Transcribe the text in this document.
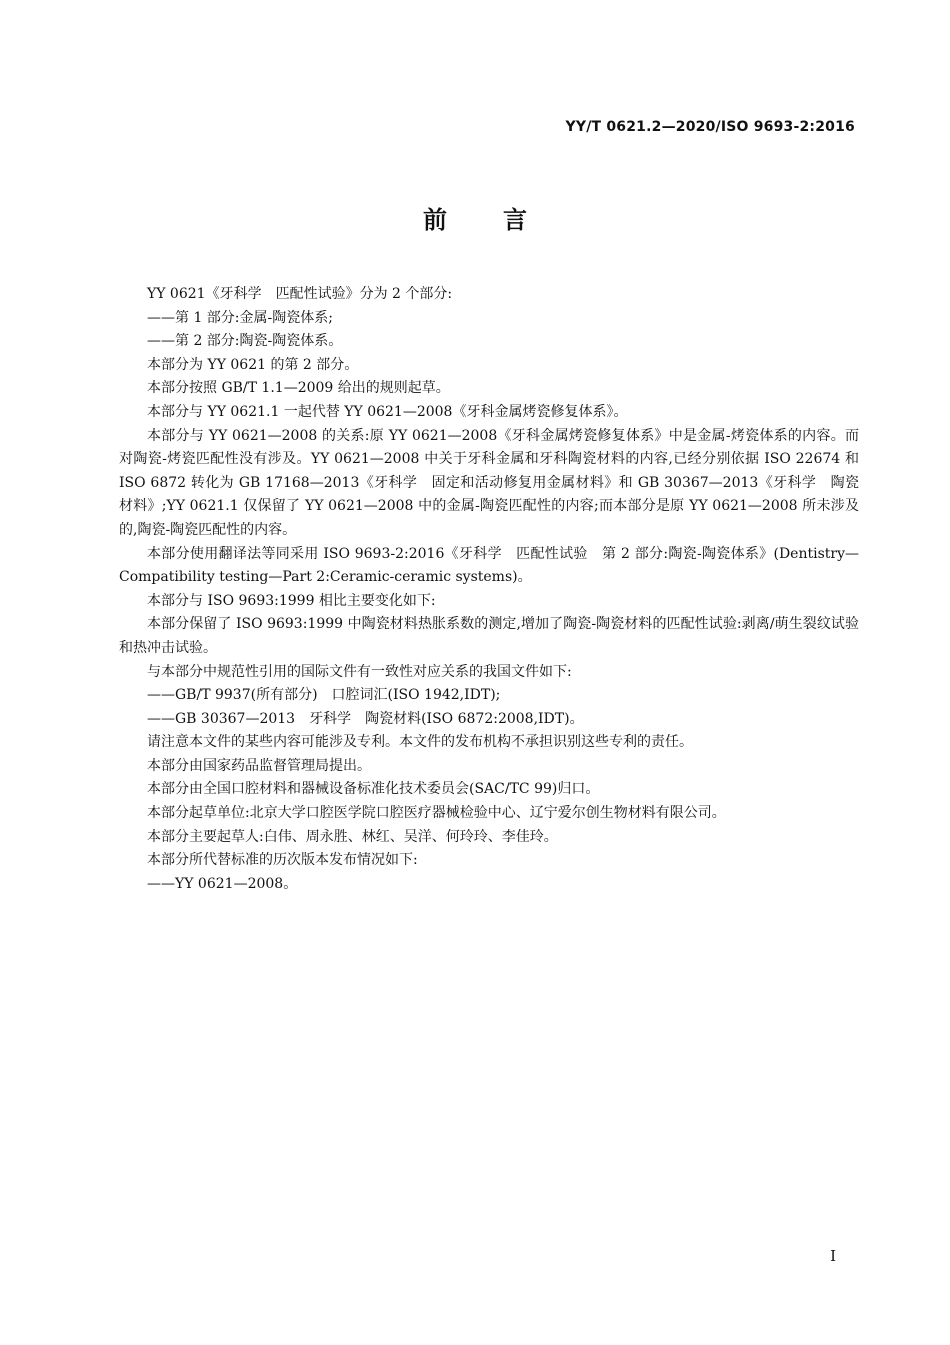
YY/T 0621.2—2020/ISO 9693-2:2016
前 言

YY 0621《牙科学　匹配性试验》分为 2 个部分:

——第 1 部分:金属-陶瓷体系;

——第 2 部分:陶瓷-陶瓷体系。

本部分为 YY 0621 的第 2 部分。

本部分按照 GB/T 1.1—2009 给出的规则起草。

本部分与 YY 0621.1 一起代替 YY 0621—2008《牙科金属烤瓷修复体系》。

本部分与 YY 0621—2008 的关系:原 YY 0621—2008《牙科金属烤瓷修复体系》中是金属-烤瓷体系的内容。而对陶瓷-烤瓷匹配性没有涉及。YY 0621—2008 中关于牙科金属和牙科陶瓷材料的内容,已经分别依据 ISO 22674 和 ISO 6872 转化为 GB 17168—2013《牙科学　固定和活动修复用金属材料》和 GB 30367—2013《牙科学　陶瓷材料》;YY 0621.1 仅保留了 YY 0621—2008 中的金属-陶瓷匹配性的内容;而本部分是原 YY 0621—2008 所未涉及的,陶瓷-陶瓷匹配性的内容。

本部分使用翻译法等同采用 ISO 9693-2:2016《牙科学　匹配性试验　第 2 部分:陶瓷-陶瓷体系》(Dentistry—Compatibility testing—Part 2:Ceramic-ceramic systems)。

本部分与 ISO 9693:1999 相比主要变化如下:

本部分保留了 ISO 9693:1999 中陶瓷材料热胀系数的测定,增加了陶瓷-陶瓷材料的匹配性试验:剥离/萌生裂纹试验和热冲击试验。

与本部分中规范性引用的国际文件有一致性对应关系的我国文件如下:

——GB/T 9937(所有部分)　口腔词汇(ISO 1942,IDT);

——GB 30367—2013　牙科学　陶瓷材料(ISO 6872:2008,IDT)。

请注意本文件的某些内容可能涉及专利。本文件的发布机构不承担识别这些专利的责任。

本部分由国家药品监督管理局提出。

本部分由全国口腔材料和器械设备标准化技术委员会(SAC/TC 99)归口。

本部分起草单位:北京大学口腔医学院口腔医疗器械检验中心、辽宁爱尔创生物材料有限公司。

本部分主要起草人:白伟、周永胜、林红、吴洋、何玲玲、李佳玲。

本部分所代替标准的历次版本发布情况如下:

——YY 0621—2008。

I
